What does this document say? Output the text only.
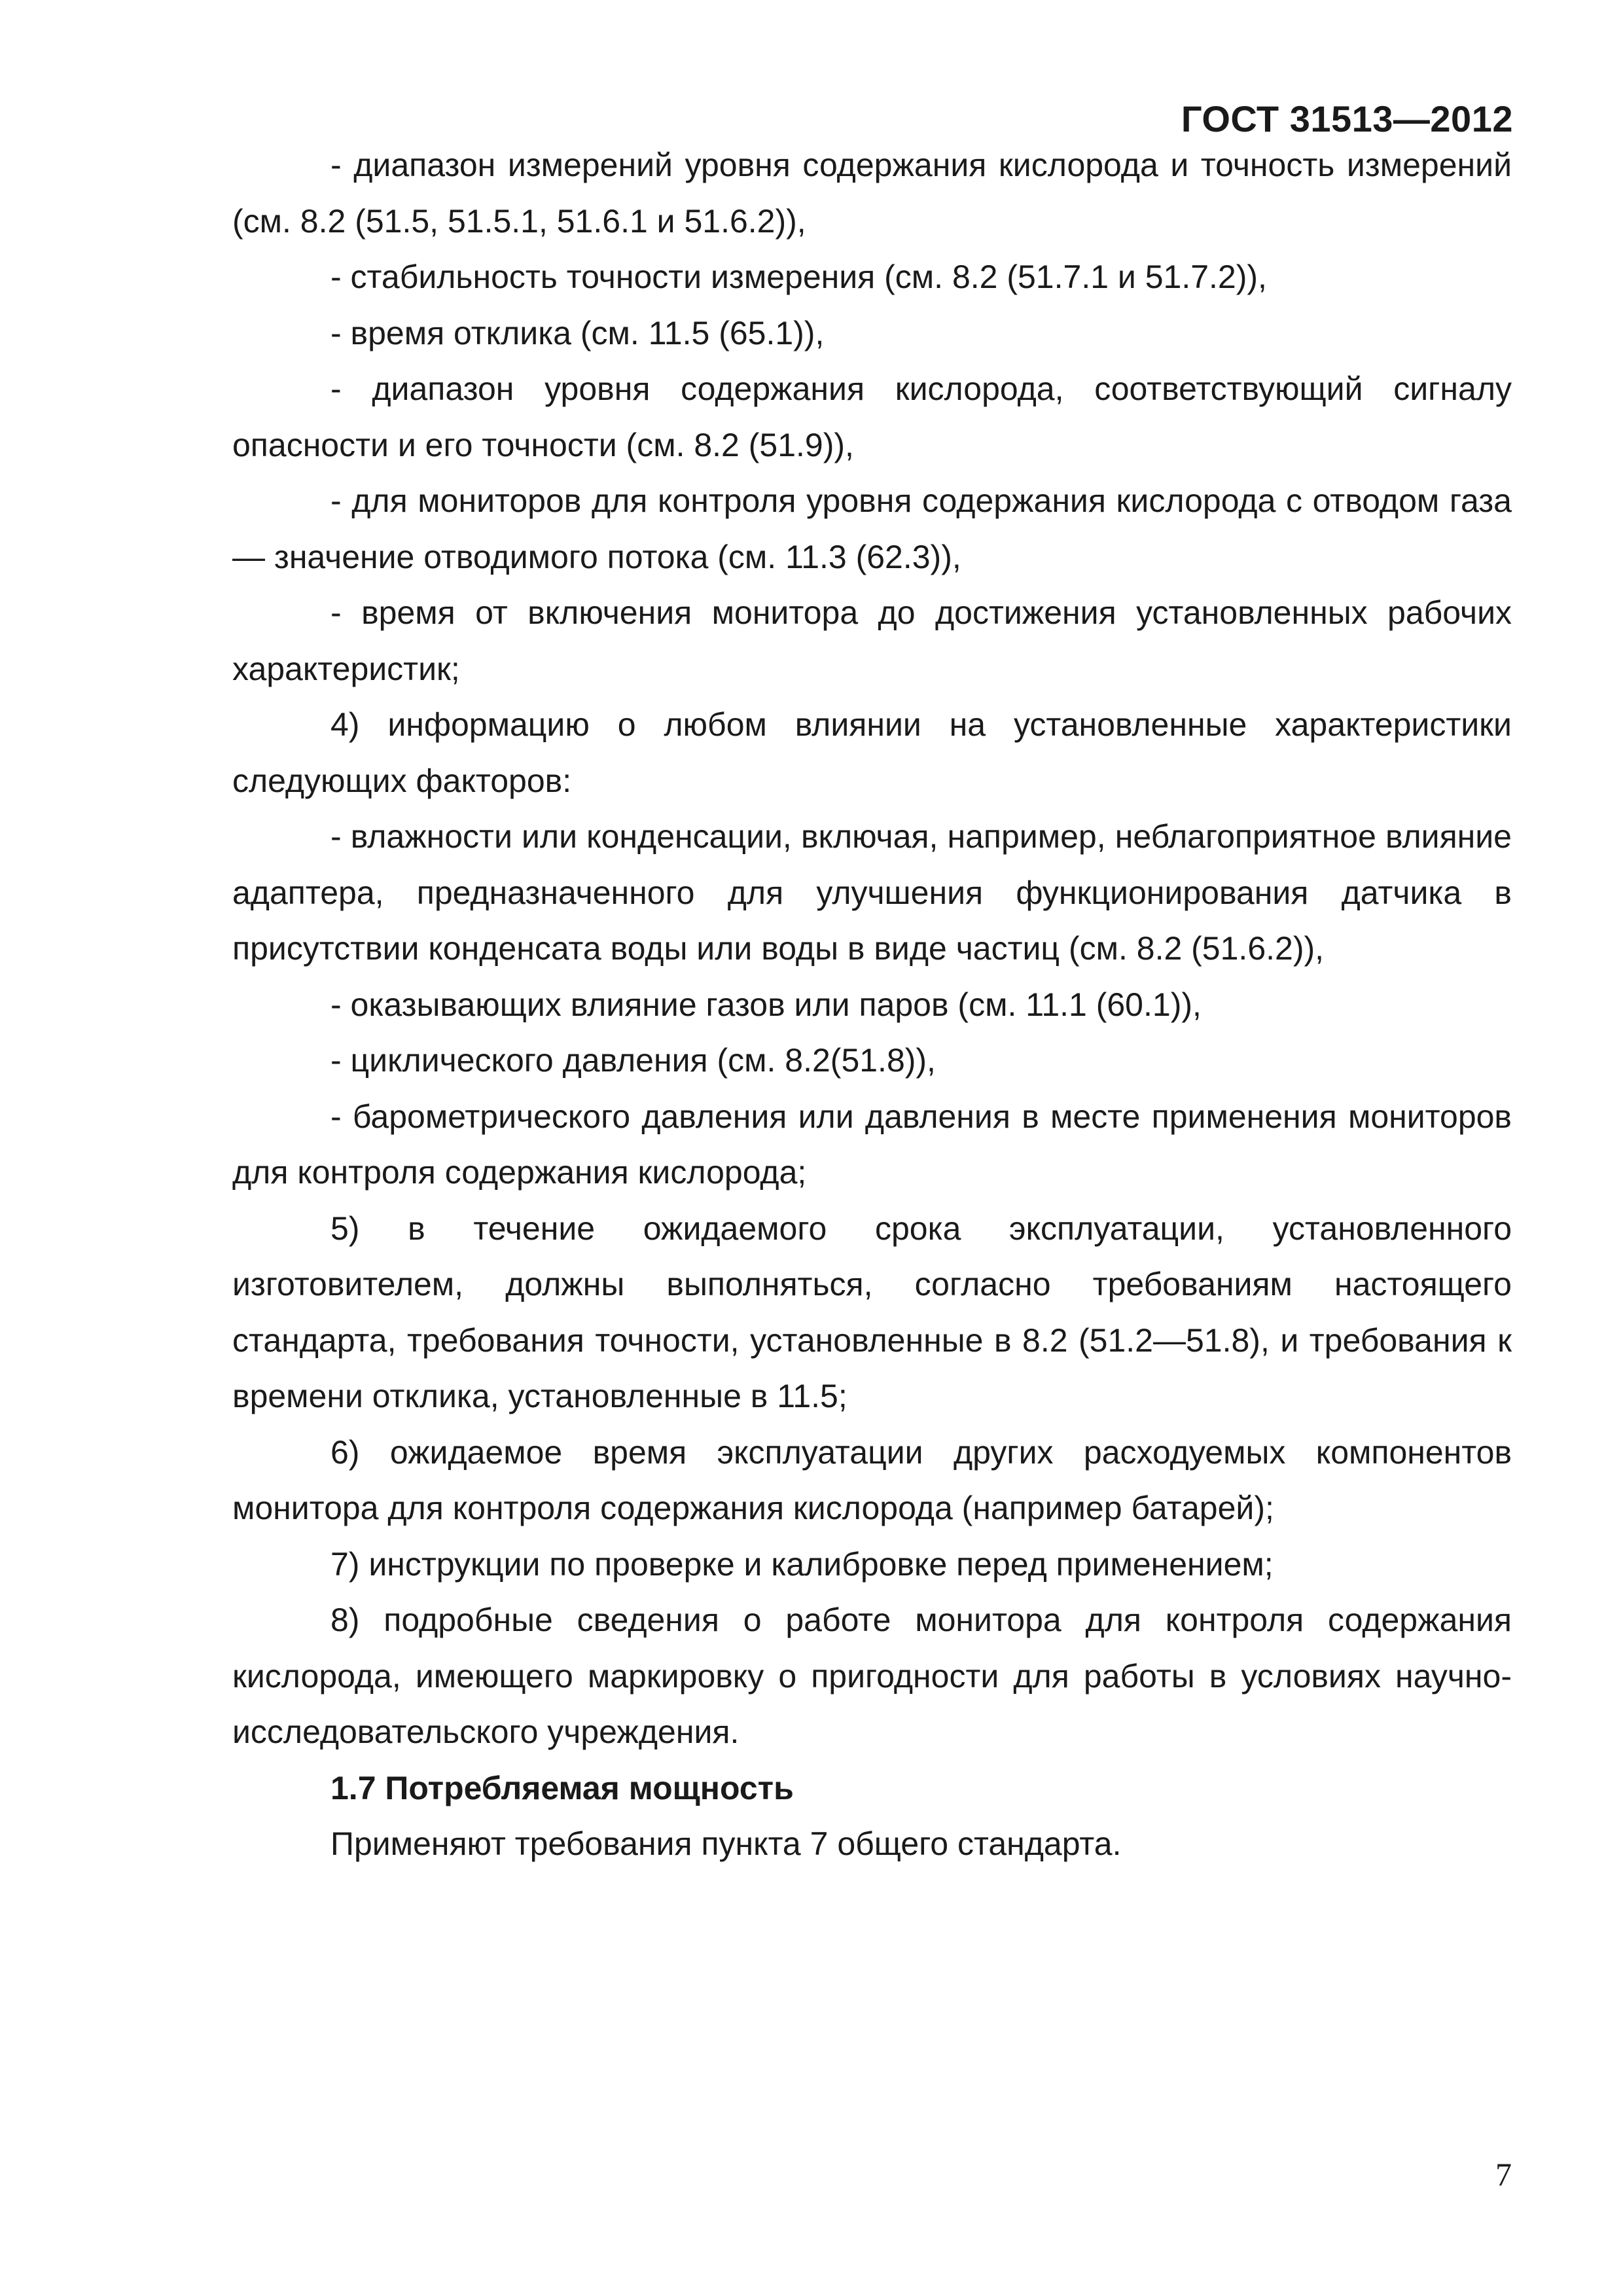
ГОСТ 31513—2012

- диапазон измерений уровня содержания кислорода и точность измерений (см. 8.2 (51.5, 51.5.1, 51.6.1 и 51.6.2)),

- стабильность точности измерения (см. 8.2 (51.7.1 и 51.7.2)),

- время отклика (см. 11.5 (65.1)),

- диапазон уровня содержания кислорода, соответствующий сигналу опасности и его точности (см. 8.2 (51.9)),

- для мониторов для контроля уровня содержания кислорода с отводом газа — значение отводимого потока (см. 11.3 (62.3)),

- время от включения монитора до достижения установленных рабочих характеристик;

4) информацию о любом влиянии на установленные характеристики следующих факторов:

- влажности или конденсации, включая, например, неблагоприятное влияние адаптера, предназначенного для улучшения функционирования датчика в присутствии конденсата воды или воды в виде частиц (см. 8.2 (51.6.2)),

- оказывающих влияние газов или паров (см. 11.1 (60.1)),

- циклического давления (см. 8.2(51.8)),

- барометрического давления или давления в месте применения мониторов для контроля содержания кислорода;

5) в течение ожидаемого срока эксплуатации, установленного изготовителем, должны выполняться, согласно требованиям настоящего стандарта, требования точности, установленные в 8.2 (51.2—51.8), и требования к времени отклика, установленные в 11.5;

6) ожидаемое время эксплуатации других расходуемых компонентов монитора для контроля содержания кислорода (например батарей);

7) инструкции по проверке и калибровке перед применением;

8) подробные сведения о работе монитора для контроля содержания кислорода, имеющего маркировку о пригодности для работы в условиях научно-исследовательского учреждения.

1.7 Потребляемая мощность

Применяют требования пункта 7 общего стандарта.

7
